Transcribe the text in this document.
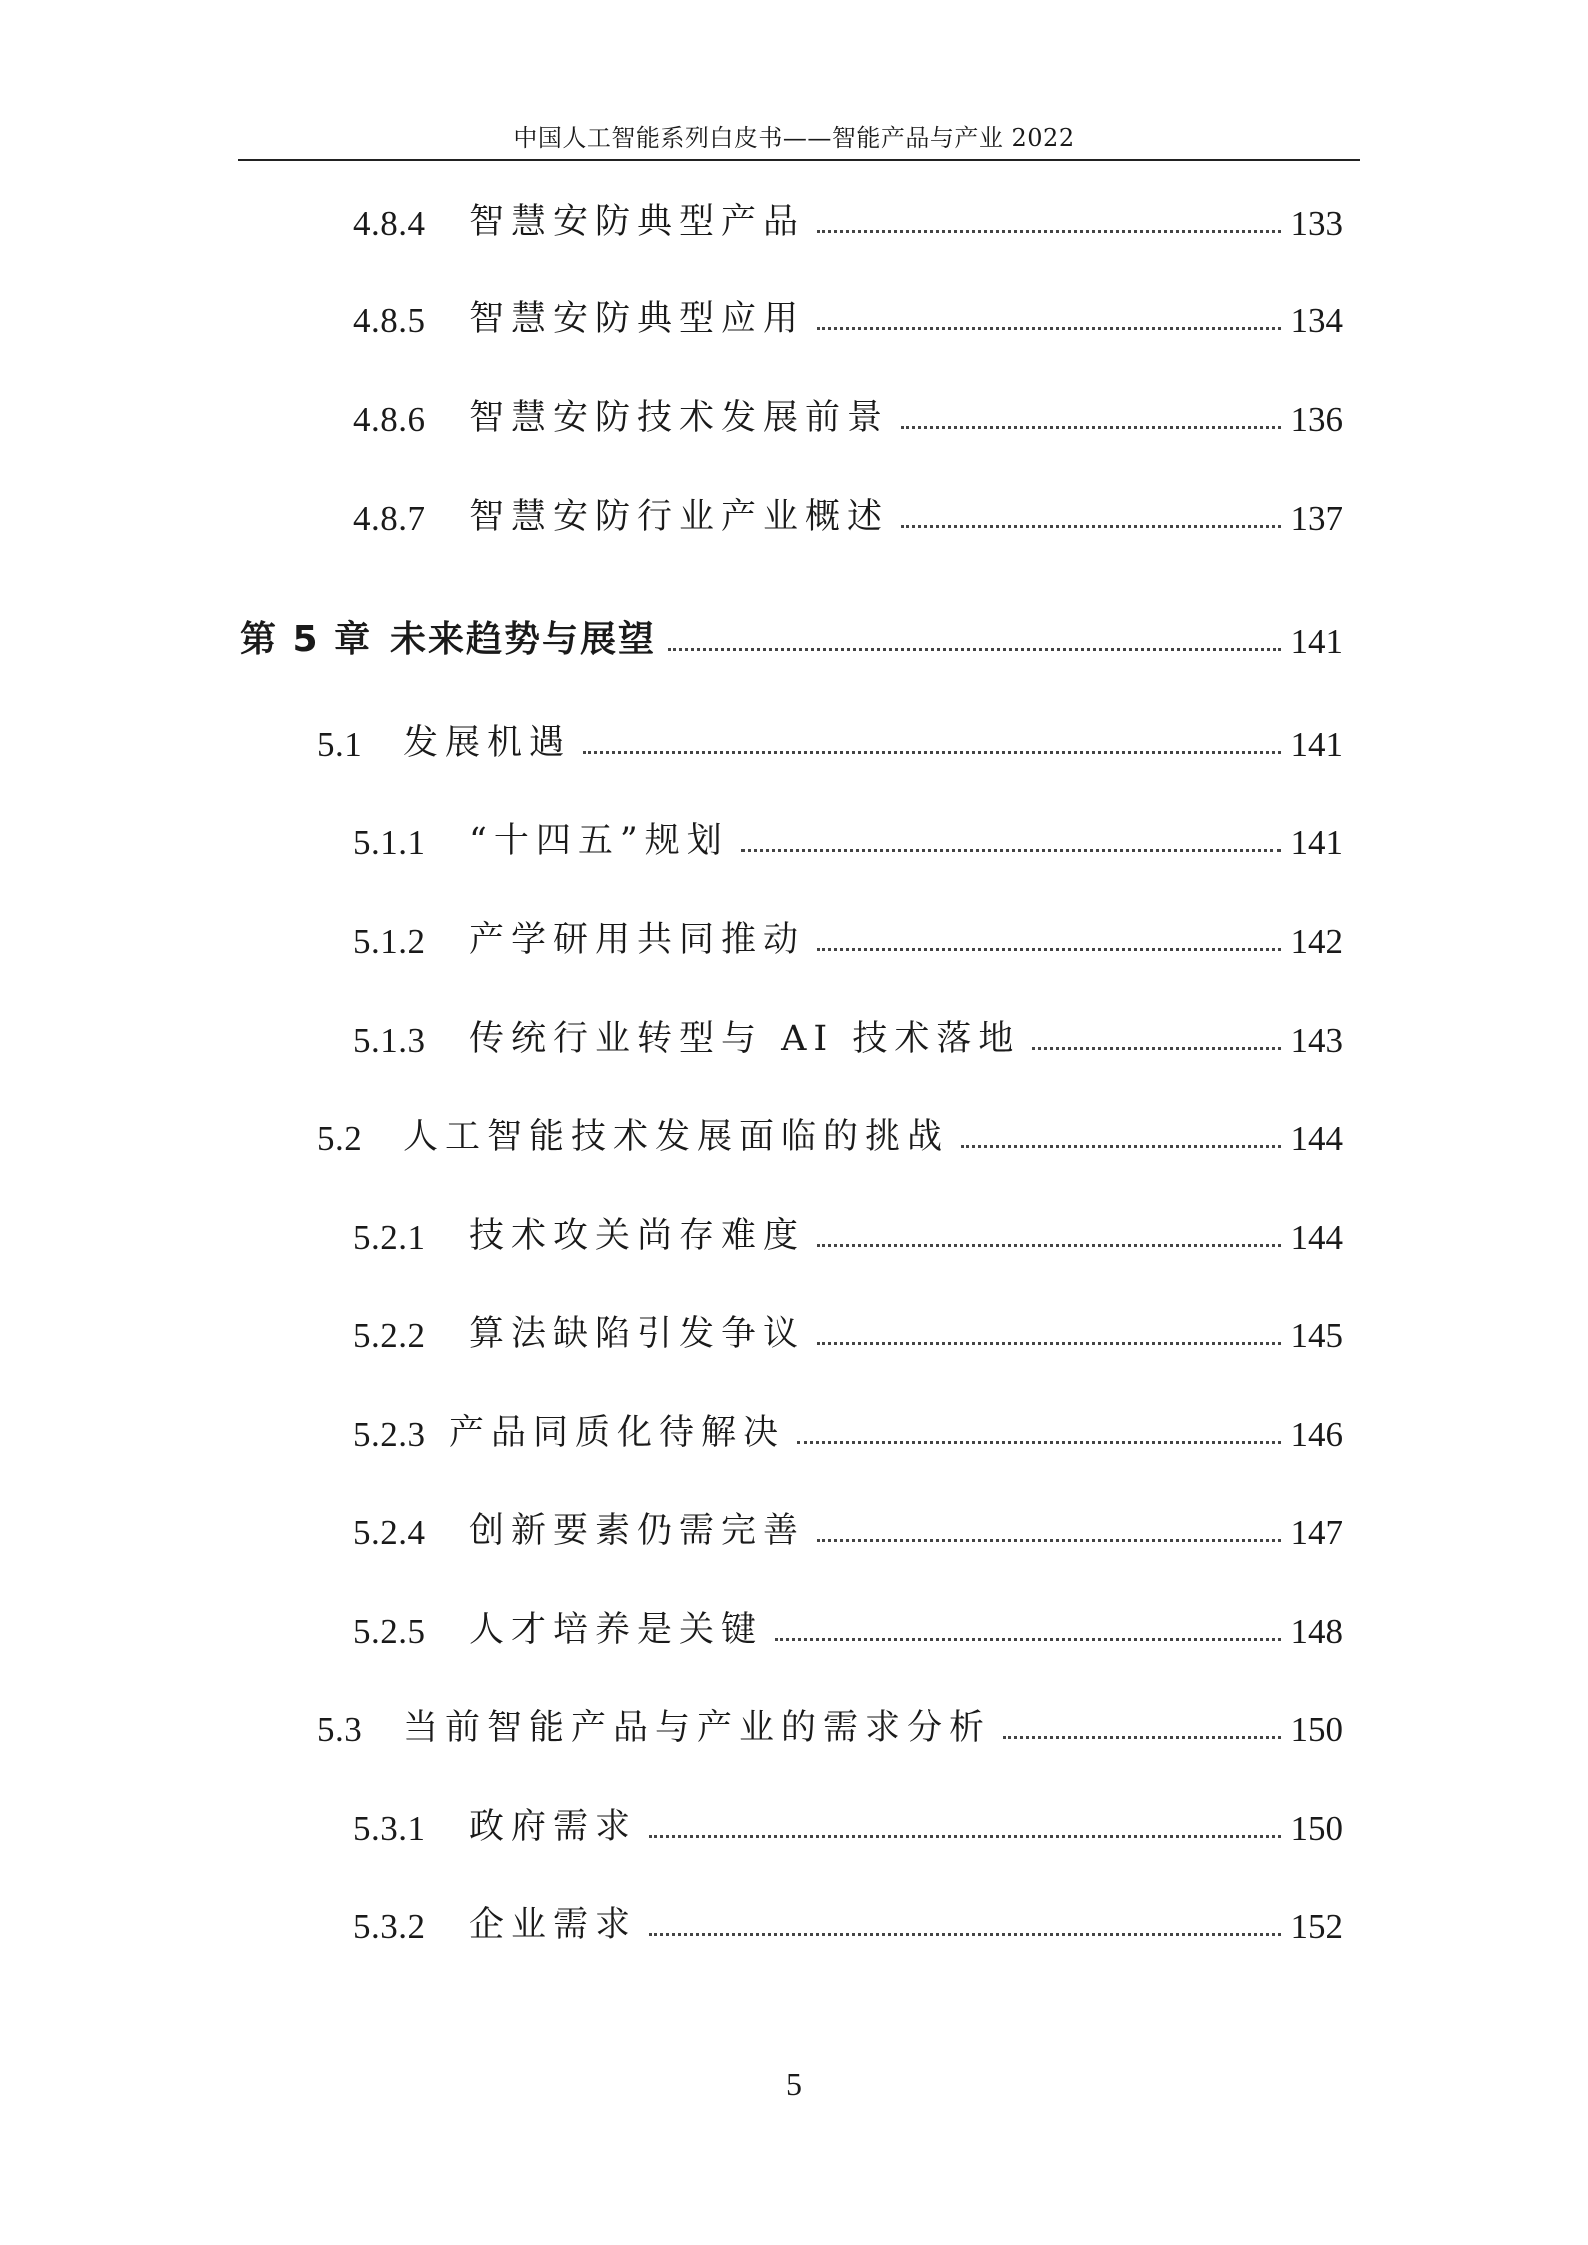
中国人工智能系列白皮书——智能产品与产业 2022
4.8.4	智慧安防典型产品	133
4.8.5	智慧安防典型应用	134
4.8.6	智慧安防技术发展前景	136
4.8.7	智慧安防行业产业概述	137
第 5 章 未来趋势与展望	141
5.1	发展机遇	141
5.1.1	“十四五”规划	141
5.1.2	产学研用共同推动	142
5.1.3	传统行业转型与 AI 技术落地	143
5.2	人工智能技术发展面临的挑战	144
5.2.1	技术攻关尚存难度	144
5.2.2	算法缺陷引发争议	145
5.2.3 产品同质化待解决	146
5.2.4	创新要素仍需完善	147
5.2.5	人才培养是关键	148
5.3	当前智能产品与产业的需求分析	150
5.3.1	政府需求	150
5.3.2	企业需求	152
5
